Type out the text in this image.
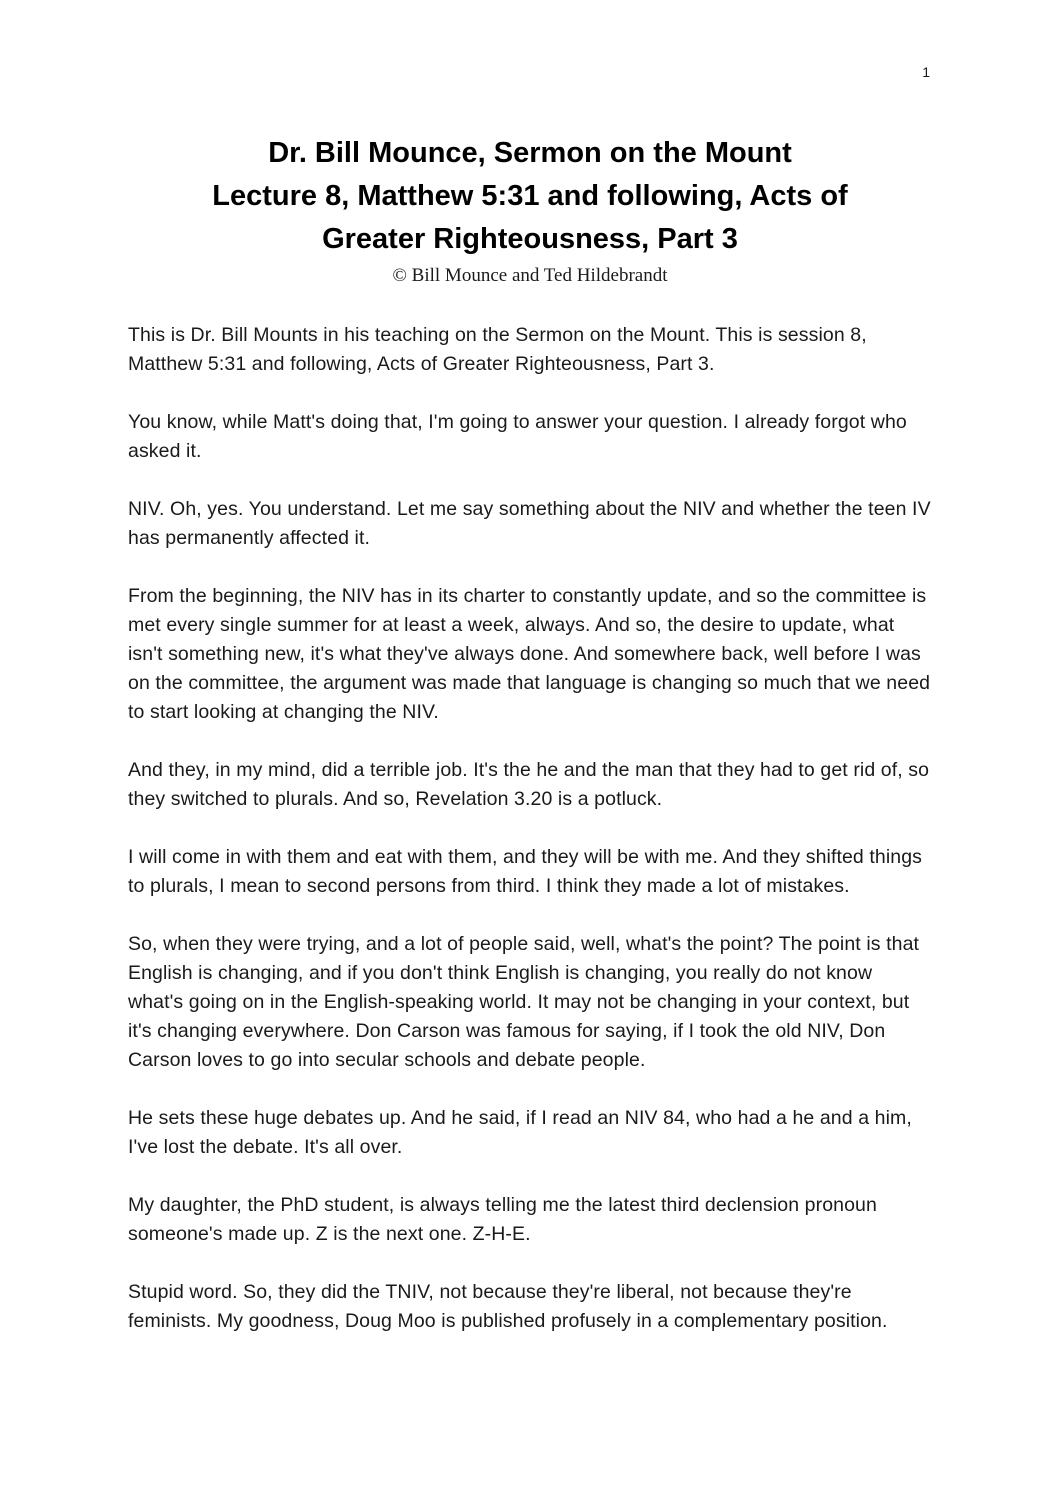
1
Dr. Bill Mounce, Sermon on the Mount
Lecture 8, Matthew 5:31 and following, Acts of
Greater Righteousness, Part 3
© Bill Mounce and Ted Hildebrandt

This is Dr. Bill Mounts in his teaching on the Sermon on the Mount. This is session 8, Matthew 5:31 and following, Acts of Greater Righteousness, Part 3.

You know, while Matt's doing that, I'm going to answer your question. I already forgot who asked it.

NIV. Oh, yes. You understand. Let me say something about the NIV and whether the teen IV has permanently affected it.

From the beginning, the NIV has in its charter to constantly update, and so the committee is met every single summer for at least a week, always. And so, the desire to update, what isn't something new, it's what they've always done. And somewhere back, well before I was on the committee, the argument was made that language is changing so much that we need to start looking at changing the NIV.

And they, in my mind, did a terrible job. It's the he and the man that they had to get rid of, so they switched to plurals. And so, Revelation 3.20 is a potluck.

I will come in with them and eat with them, and they will be with me. And they shifted things to plurals, I mean to second persons from third. I think they made a lot of mistakes.

So, when they were trying, and a lot of people said, well, what's the point? The point is that English is changing, and if you don't think English is changing, you really do not know what's going on in the English-speaking world. It may not be changing in your context, but it's changing everywhere. Don Carson was famous for saying, if I took the old NIV, Don Carson loves to go into secular schools and debate people.

He sets these huge debates up. And he said, if I read an NIV 84, who had a he and a him, I've lost the debate. It's all over.

My daughter, the PhD student, is always telling me the latest third declension pronoun someone's made up. Z is the next one. Z-H-E.

Stupid word. So, they did the TNIV, not because they're liberal, not because they're feminists. My goodness, Doug Moo is published profusely in a complementary position.
